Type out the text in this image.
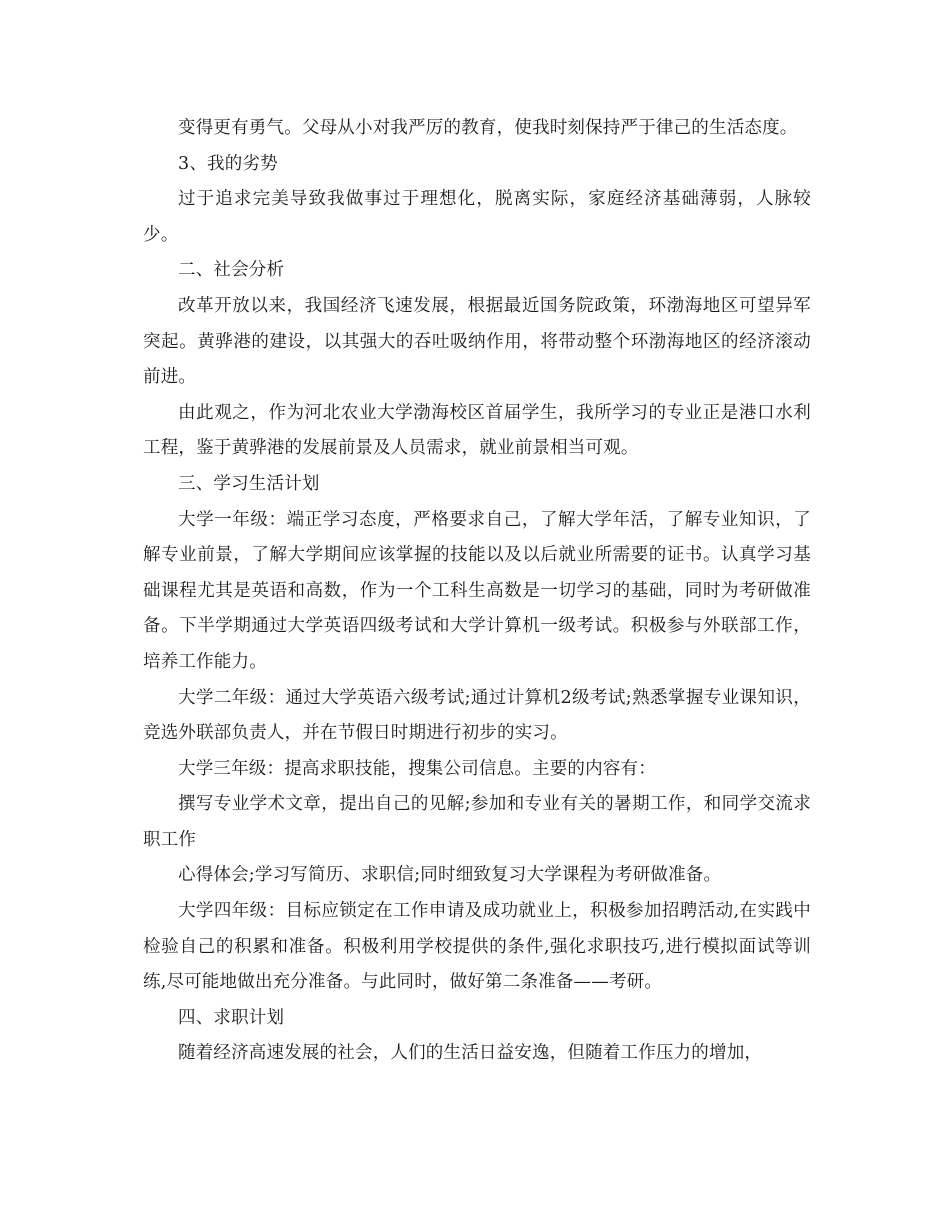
变得更有勇气。父母从小对我严厉的教育，使我时刻保持严于律己的生活态度。

3、我的劣势

过于追求完美导致我做事过于理想化，脱离实际，家庭经济基础薄弱，人脉较少。

二、社会分析

改革开放以来，我国经济飞速发展，根据最近国务院政策，环渤海地区可望异军突起。黄骅港的建设，以其强大的吞吐吸纳作用，将带动整个环渤海地区的经济滚动前进。

由此观之，作为河北农业大学渤海校区首届学生，我所学习的专业正是港口水利工程，鉴于黄骅港的发展前景及人员需求，就业前景相当可观。

三、学习生活计划

大学一年级：端正学习态度，严格要求自己，了解大学年活，了解专业知识，了解专业前景，了解大学期间应该掌握的技能以及以后就业所需要的证书。认真学习基础课程尤其是英语和高数，作为一个工科生高数是一切学习的基础，同时为考研做准备。下半学期通过大学英语四级考试和大学计算机一级考试。积极参与外联部工作，培养工作能力。

大学二年级：通过大学英语六级考试;通过计算机2级考试;熟悉掌握专业课知识，竞选外联部负责人，并在节假日时期进行初步的实习。

大学三年级：提高求职技能，搜集公司信息。主要的内容有：

撰写专业学术文章，提出自己的见解;参加和专业有关的暑期工作，和同学交流求职工作

心得体会;学习写简历、求职信;同时细致复习大学课程为考研做准备。

大学四年级：目标应锁定在工作申请及成功就业上，积极参加招聘活动,在实践中检验自己的积累和准备。积极利用学校提供的条件,强化求职技巧,进行模拟面试等训练,尽可能地做出充分准备。与此同时，做好第二条准备——考研。

四、求职计划

随着经济高速发展的社会，人们的生活日益安逸，但随着工作压力的增加，
